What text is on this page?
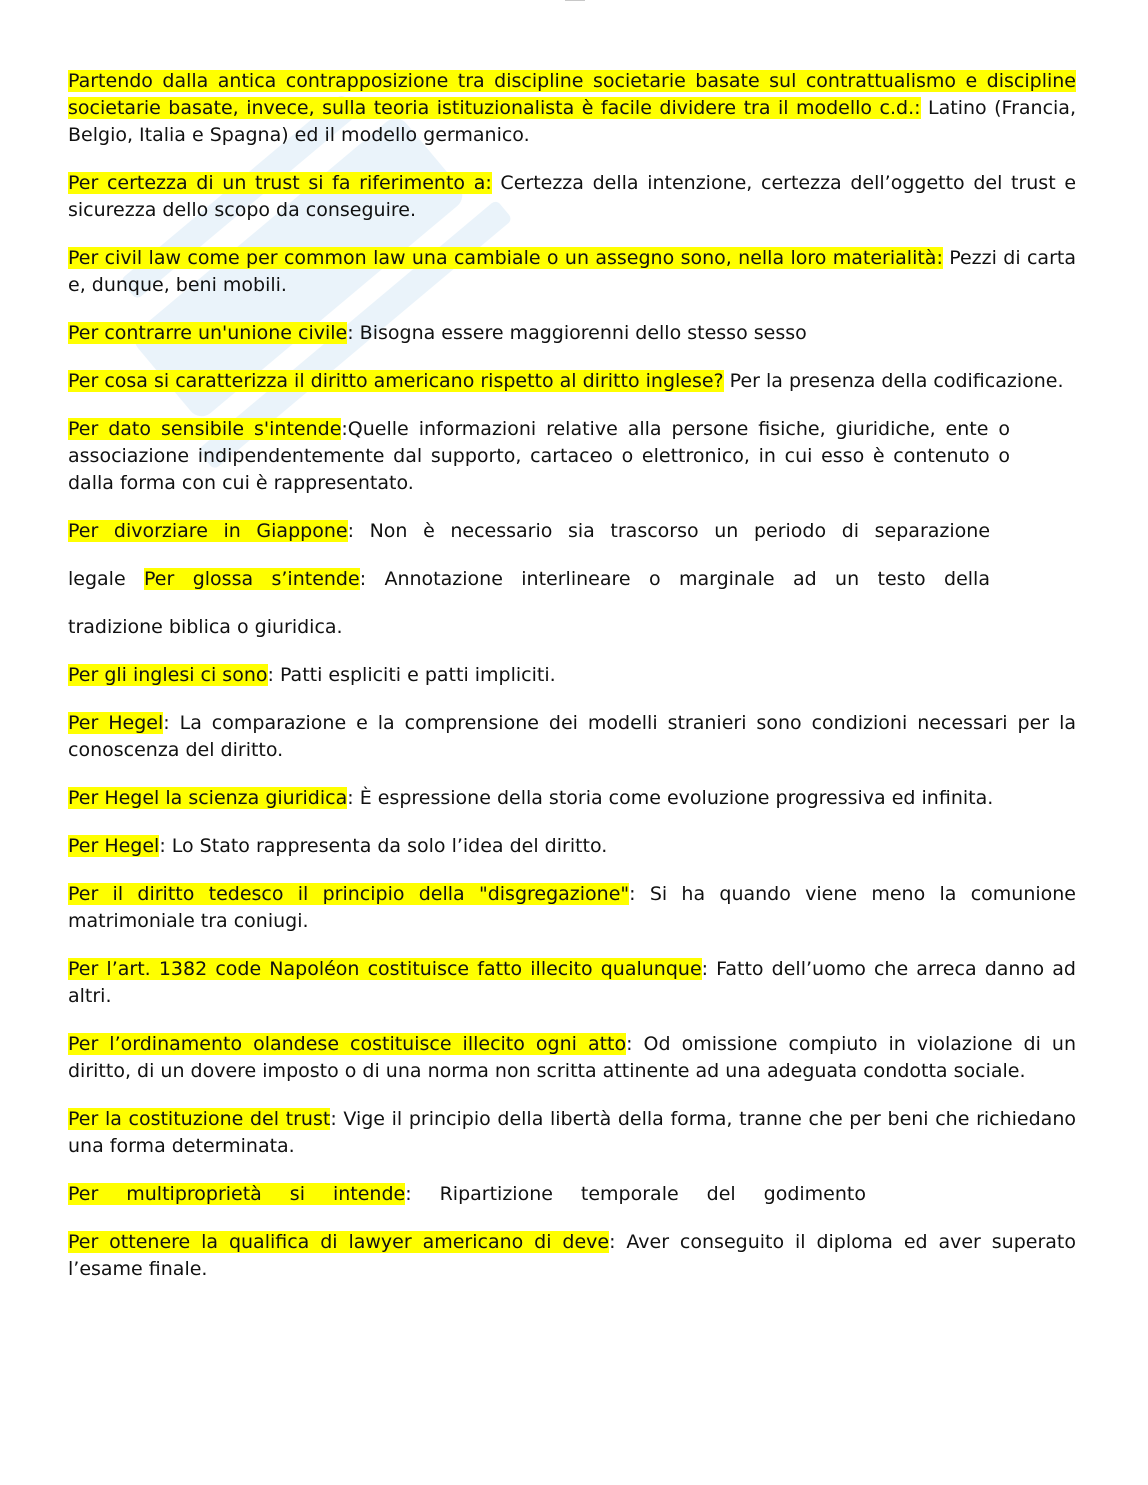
Partendo dalla antica contrapposizione tra discipline societarie basate sul contrattualismo e discipline societarie basate, invece, sulla teoria istituzionalista è facile dividere tra il modello c.d.: Latino (Francia, Belgio, Italia e Spagna) ed il modello germanico.

Per certezza di un trust si fa riferimento a: Certezza della intenzione, certezza dell’oggetto del trust e sicurezza dello scopo da conseguire.

Per civil law come per common law una cambiale o un assegno sono, nella loro materialità: Pezzi di carta e, dunque, beni mobili.

Per contrarre un'unione civile: Bisogna essere maggiorenni dello stesso sesso

Per cosa si caratterizza il diritto americano rispetto al diritto inglese? Per la presenza della codificazione.

Per dato sensibile s'intende:Quelle informazioni relative alla persone fisiche, giuridiche, ente o associazione indipendentemente dal supporto, cartaceo o elettronico, in cui esso è contenuto o dalla forma con cui è rappresentato.

Per divorziare in Giappone: Non è necessario sia trascorso un periodo di separazione

legale Per glossa s’intende: Annotazione interlineare o marginale ad un testo della

tradizione biblica o giuridica.

Per gli inglesi ci sono: Patti espliciti e patti impliciti.

Per Hegel: La comparazione e la comprensione dei modelli stranieri sono condizioni necessari per la conoscenza del diritto.

Per Hegel la scienza giuridica: È espressione della storia come evoluzione progressiva ed infinita.

Per Hegel: Lo Stato rappresenta da solo l’idea del diritto.

Per il diritto tedesco il principio della "disgregazione": Si ha quando viene meno la comunione matrimoniale tra coniugi.

Per l’art. 1382 code Napoléon costituisce fatto illecito qualunque: Fatto dell’uomo che arreca danno ad altri.

Per l’ordinamento olandese costituisce illecito ogni atto: Od omissione compiuto in violazione di un diritto, di un dovere imposto o di una norma non scritta attinente ad una adeguata condotta sociale.

Per la costituzione del trust: Vige il principio della libertà della forma, tranne che per beni che richiedano una forma determinata.

Per multiproprietà si intende: Ripartizione temporale del godimento

Per ottenere la qualifica di lawyer americano di deve: Aver conseguito il diploma ed aver superato l’esame finale.
